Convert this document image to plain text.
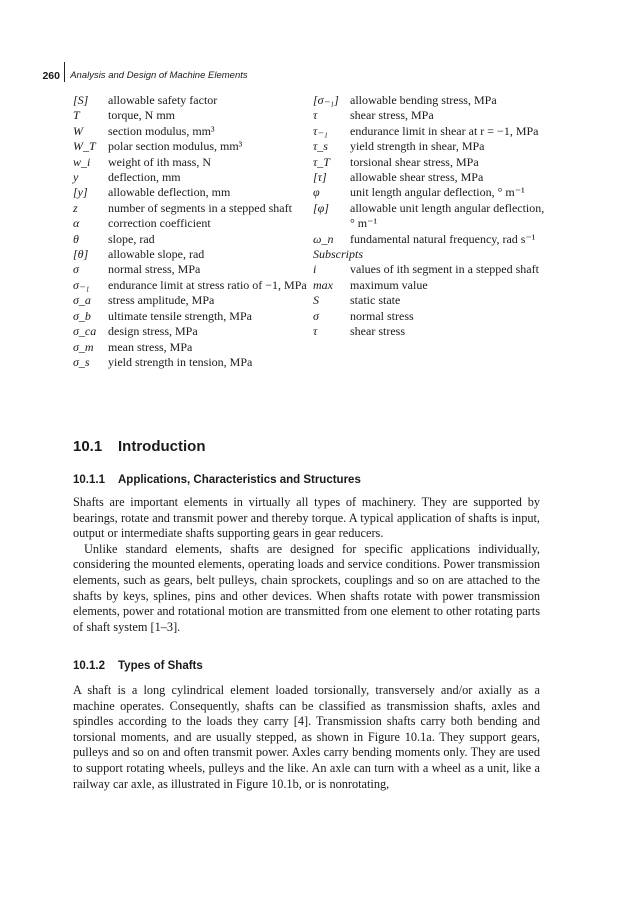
260	Analysis and Design of Machine Elements
[S]	allowable safety factor
T	torque, N mm
W	section modulus, mm³
W_T	polar section modulus, mm³
w_i	weight of ith mass, N
y	deflection, mm
[y]	allowable deflection, mm
z	number of segments in a stepped shaft
α	correction coefficient
θ	slope, rad
[θ]	allowable slope, rad
σ	normal stress, MPa
σ₋₁	endurance limit at stress ratio of −1, MPa
σ_a	stress amplitude, MPa
σ_b	ultimate tensile strength, MPa
σ_ca design stress, MPa
σ_m	mean stress, MPa
σ_s	yield strength in tension, MPa
[σ₋₁] allowable bending stress, MPa
τ	shear stress, MPa
τ₋₁	endurance limit in shear at r = −1, MPa
τ_s	yield strength in shear, MPa
τ_T	torsional shear stress, MPa
[τ]	allowable shear stress, MPa
φ	unit length angular deflection, ° m⁻¹
[φ]	allowable unit length angular deflection, ° m⁻¹
ω_n	fundamental natural frequency, rad s⁻¹
Subscripts
i	values of ith segment in a stepped shaft
max	maximum value
S	static state
σ	normal stress
τ	shear stress
10.1 Introduction
10.1.1 Applications, Characteristics and Structures

Shafts are important elements in virtually all types of machinery. They are supported by bearings, rotate and transmit power and thereby torque. A typical application of shafts is input, output or intermediate shafts supporting gears in gear reducers.

Unlike standard elements, shafts are designed for specific applications individually, considering the mounted elements, operating loads and service conditions. Power transmission elements, such as gears, belt pulleys, chain sprockets, couplings and so on are attached to the shafts by keys, splines, pins and other devices. When shafts rotate with power transmission elements, power and rotational motion are transmitted from one element to other rotating parts of shaft system [1–3].

10.1.2 Types of Shafts

A shaft is a long cylindrical element loaded torsionally, transversely and/or axially as a machine operates. Consequently, shafts can be classified as transmission shafts, axles and spindles according to the loads they carry [4]. Transmission shafts carry both bending and torsional moments, and are usually stepped, as shown in Figure 10.1a. They support gears, pulleys and so on and often transmit power. Axles carry bending moments only. They are used to support rotating wheels, pulleys and the like. An axle can turn with a wheel as a unit, like a railway car axle, as illustrated in Figure 10.1b, or is nonrotating,
